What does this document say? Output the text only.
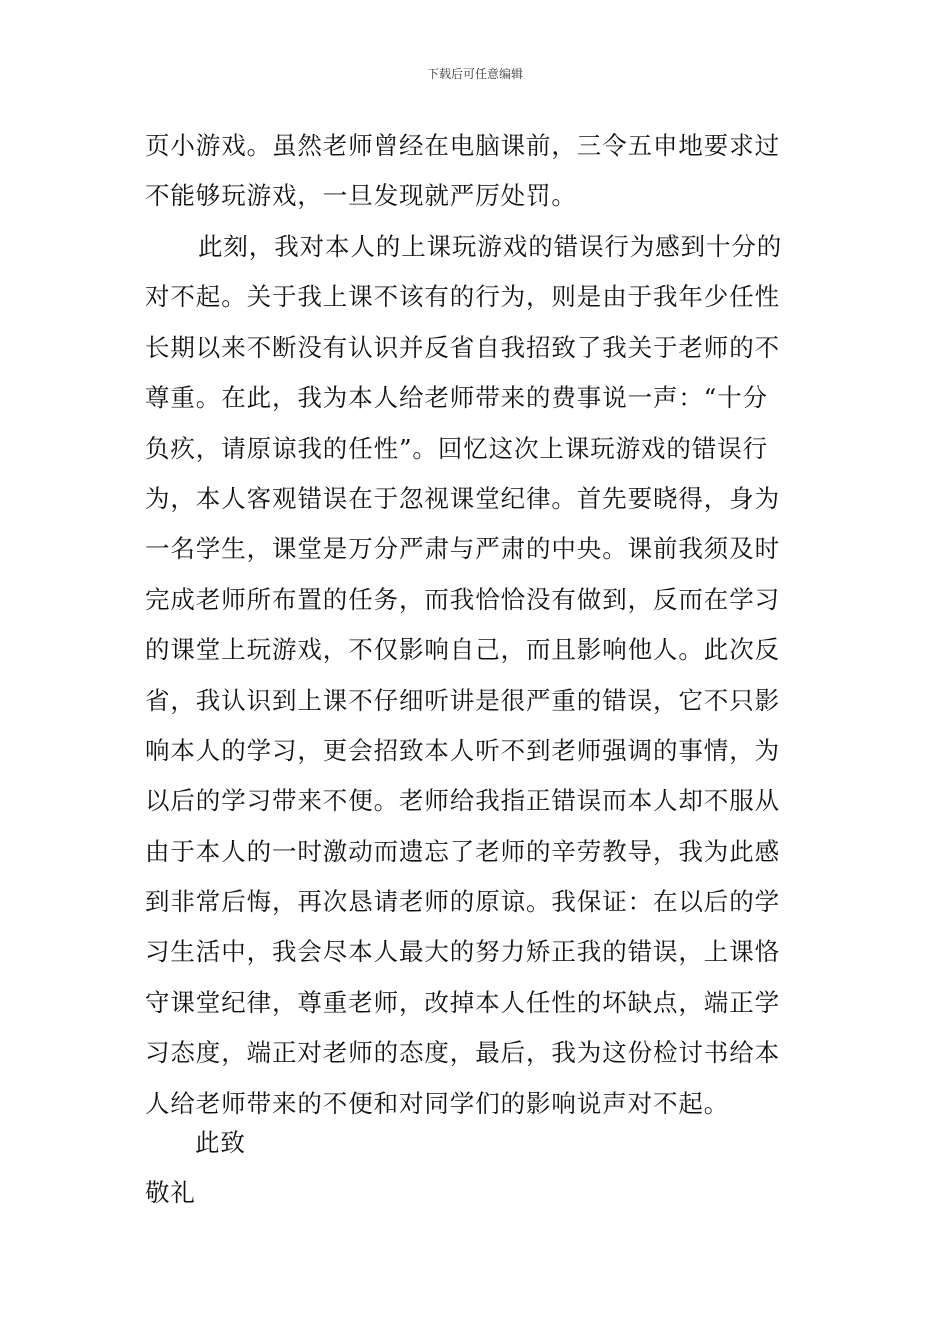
下载后可任意编辑
页小游戏。虽然老师曾经在电脑课前，三令五申地要求过
不能够玩游戏，一旦发现就严厉处罚。
此刻，我对本人的上课玩游戏的错误行为感到十分的
对不起。关于我上课不该有的行为，则是由于我年少任性
长期以来不断没有认识并反省自我招致了我关于老师的不
尊重。在此，我为本人给老师带来的费事说一声：“十分
负疚，请原谅我的任性”。回忆这次上课玩游戏的错误行
为，本人客观错误在于忽视课堂纪律。首先要晓得，身为
一名学生，课堂是万分严肃与严肃的中央。课前我须及时
完成老师所布置的任务，而我恰恰没有做到，反而在学习
的课堂上玩游戏，不仅影响自己，而且影响他人。此次反
省，我认识到上课不仔细听讲是很严重的错误，它不只影
响本人的学习，更会招致本人听不到老师强调的事情，为
以后的学习带来不便。老师给我指正错误而本人却不服从
由于本人的一时激动而遗忘了老师的辛劳教导，我为此感
到非常后悔，再次恳请老师的原谅。我保证：在以后的学
习生活中，我会尽本人最大的努力矫正我的错误，上课恪
守课堂纪律，尊重老师，改掉本人任性的坏缺点，端正学
习态度，端正对老师的态度，最后，我为这份检讨书给本
人给老师带来的不便和对同学们的影响说声对不起。
此致
敬礼
